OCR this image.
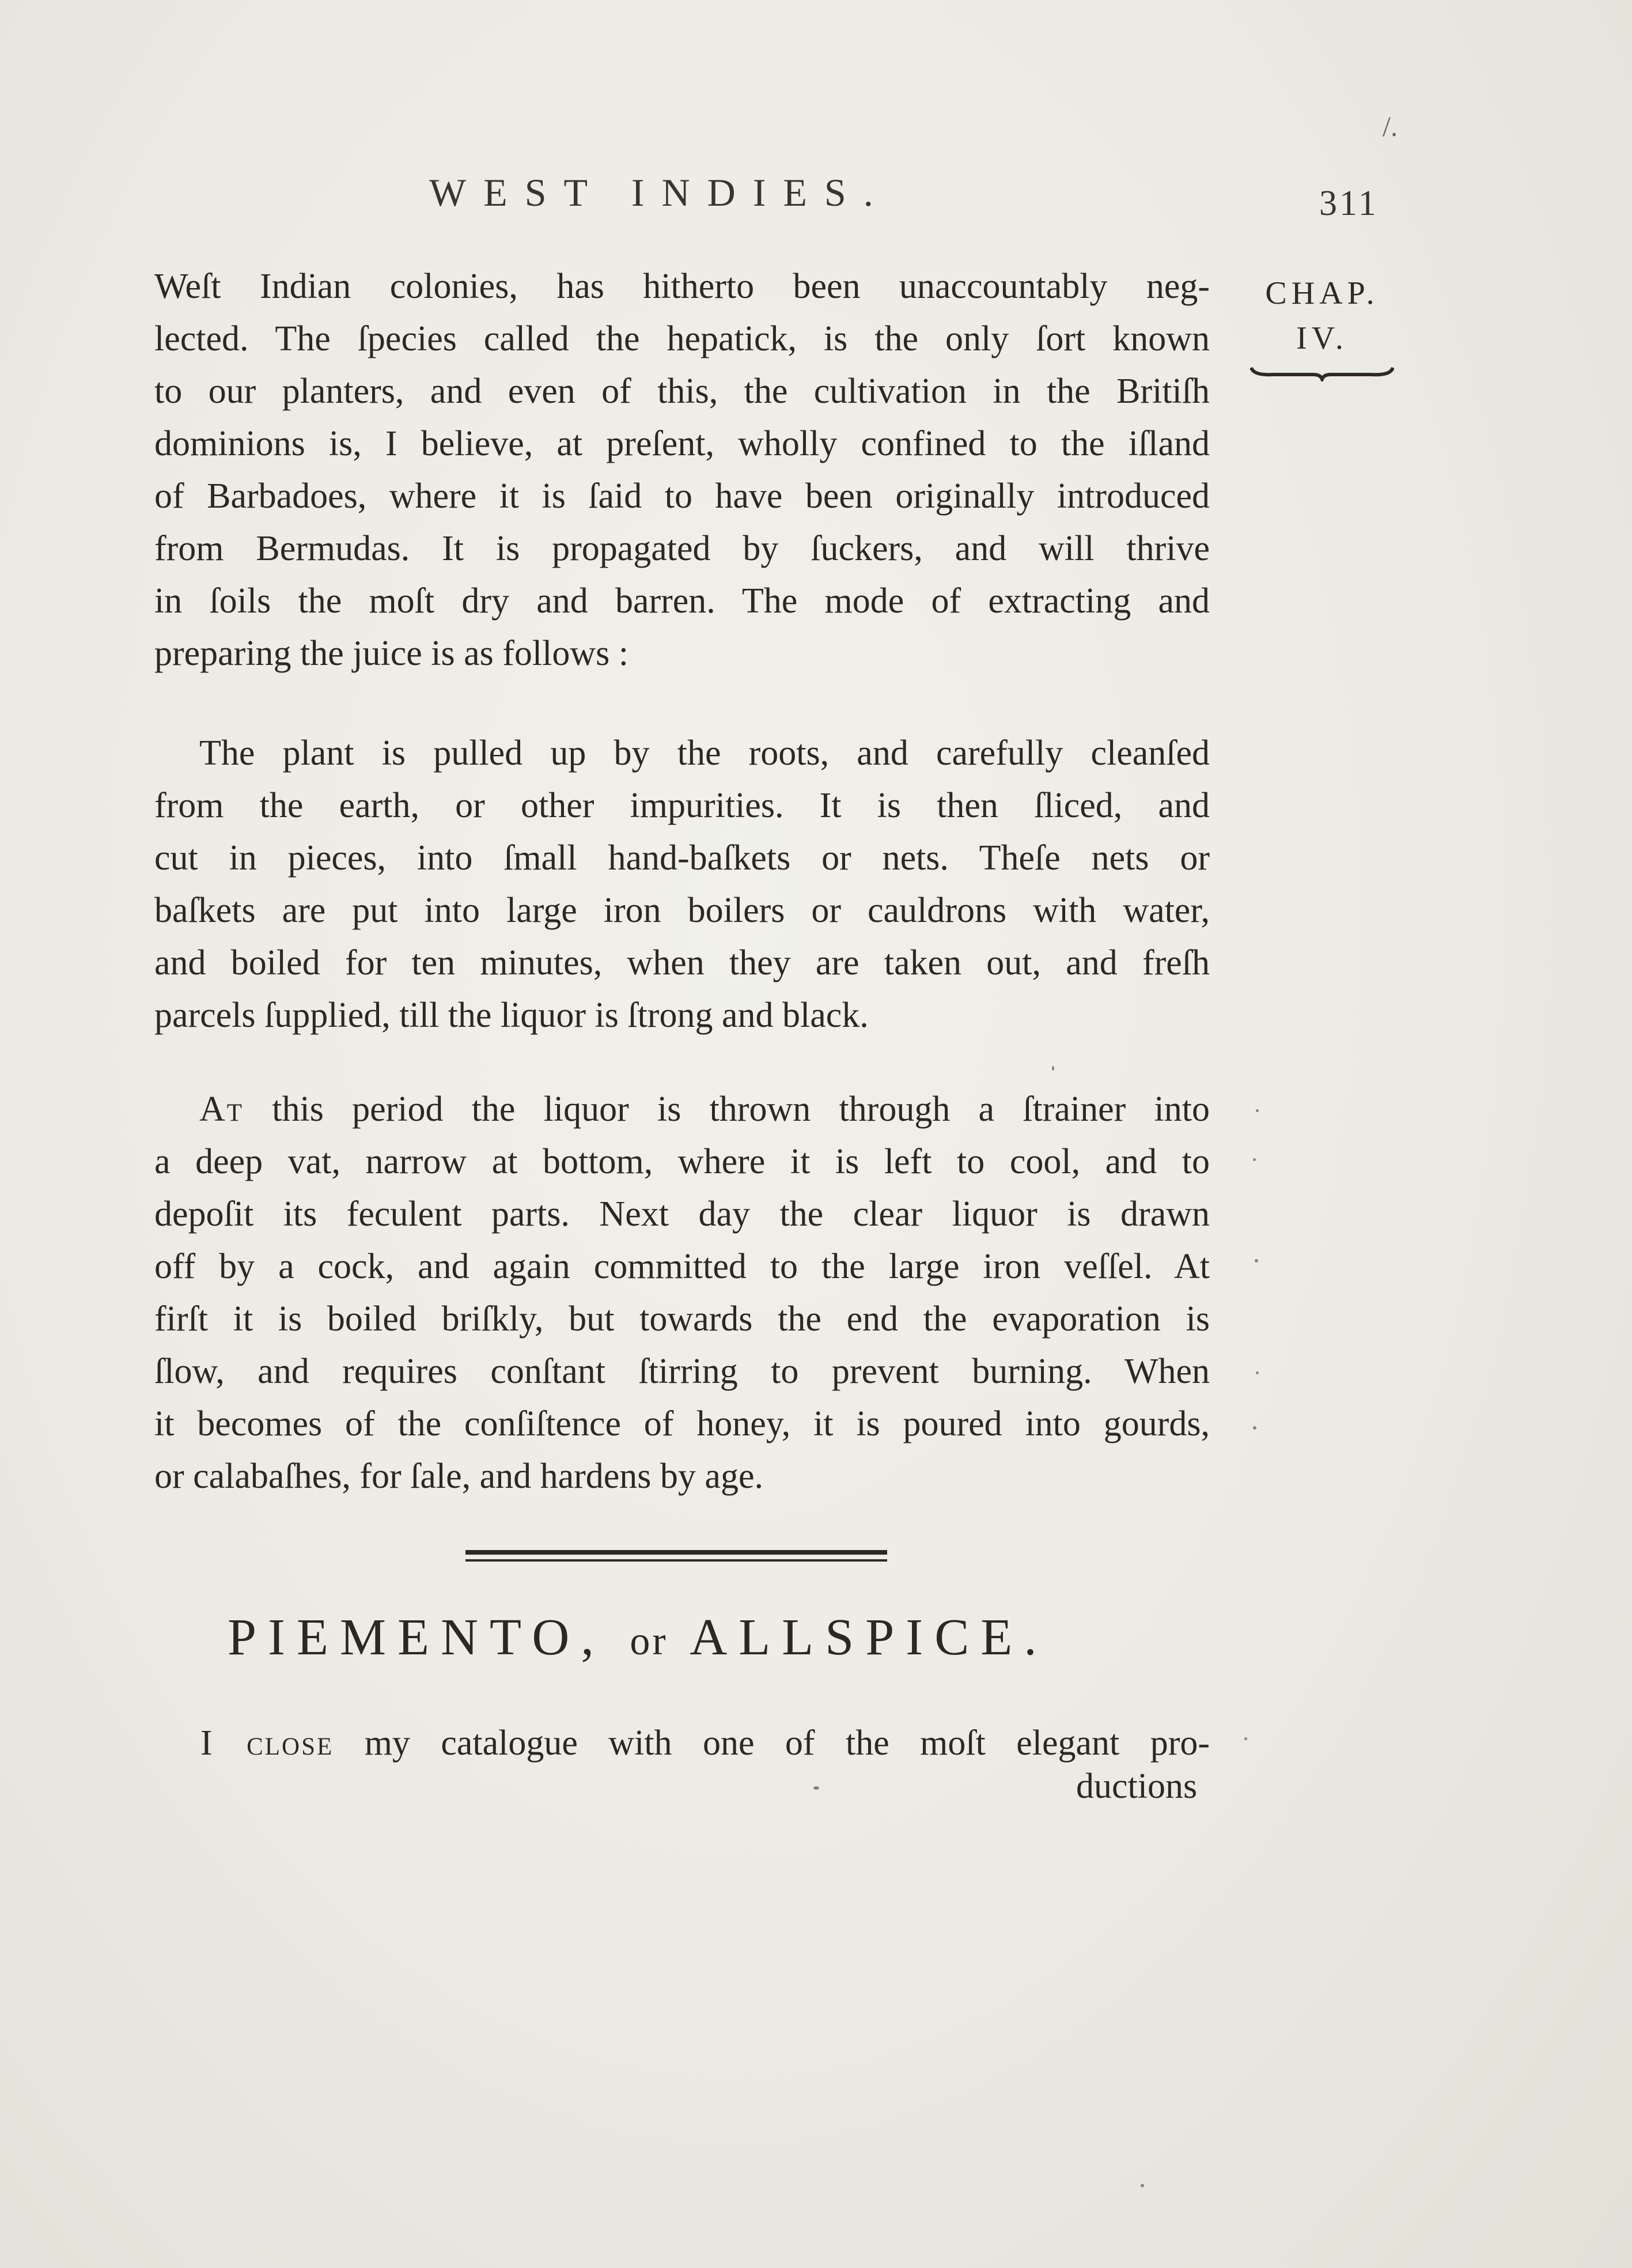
/.
WEST INDIES.	311
CHAP.
IV.
Weſt Indian colonies, has hitherto been unaccountably neg-
lected. The ſpecies called the hepatick, is the only ſort known
to our planters, and even of this, the cultivation in the Britiſh
dominions is, I believe, at preſent, wholly confined to the iſland
of Barbadoes, where it is ſaid to have been originally introduced
from Bermudas. It is propagated by ſuckers, and will thrive
in ſoils the moſt dry and barren. The mode of extracting and
preparing the juice is as follows :
The plant is pulled up by the roots, and carefully cleanſed
from the earth, or other impurities. It is then ſliced, and
cut in pieces, into ſmall hand-baſkets or nets. Theſe nets or
baſkets are put into large iron boilers or cauldrons with water,
and boiled for ten minutes, when they are taken out, and freſh
parcels ſupplied, till the liquor is ſtrong and black.
At this period the liquor is thrown through a ſtrainer into
a deep vat, narrow at bottom, where it is left to cool, and to
depoſit its feculent parts. Next day the clear liquor is drawn
off by a cock, and again committed to the large iron veſſel. At
firſt it is boiled briſkly, but towards the end the evaporation is
ſlow, and requires conſtant ſtirring to prevent burning. When
it becomes of the conſiſtence of honey, it is poured into gourds,
or calabaſhes, for ſale, and hardens by age.
PIEMENTO, or ALLSPICE.
I close my catalogue with one of the moſt elegant pro-
ductions
